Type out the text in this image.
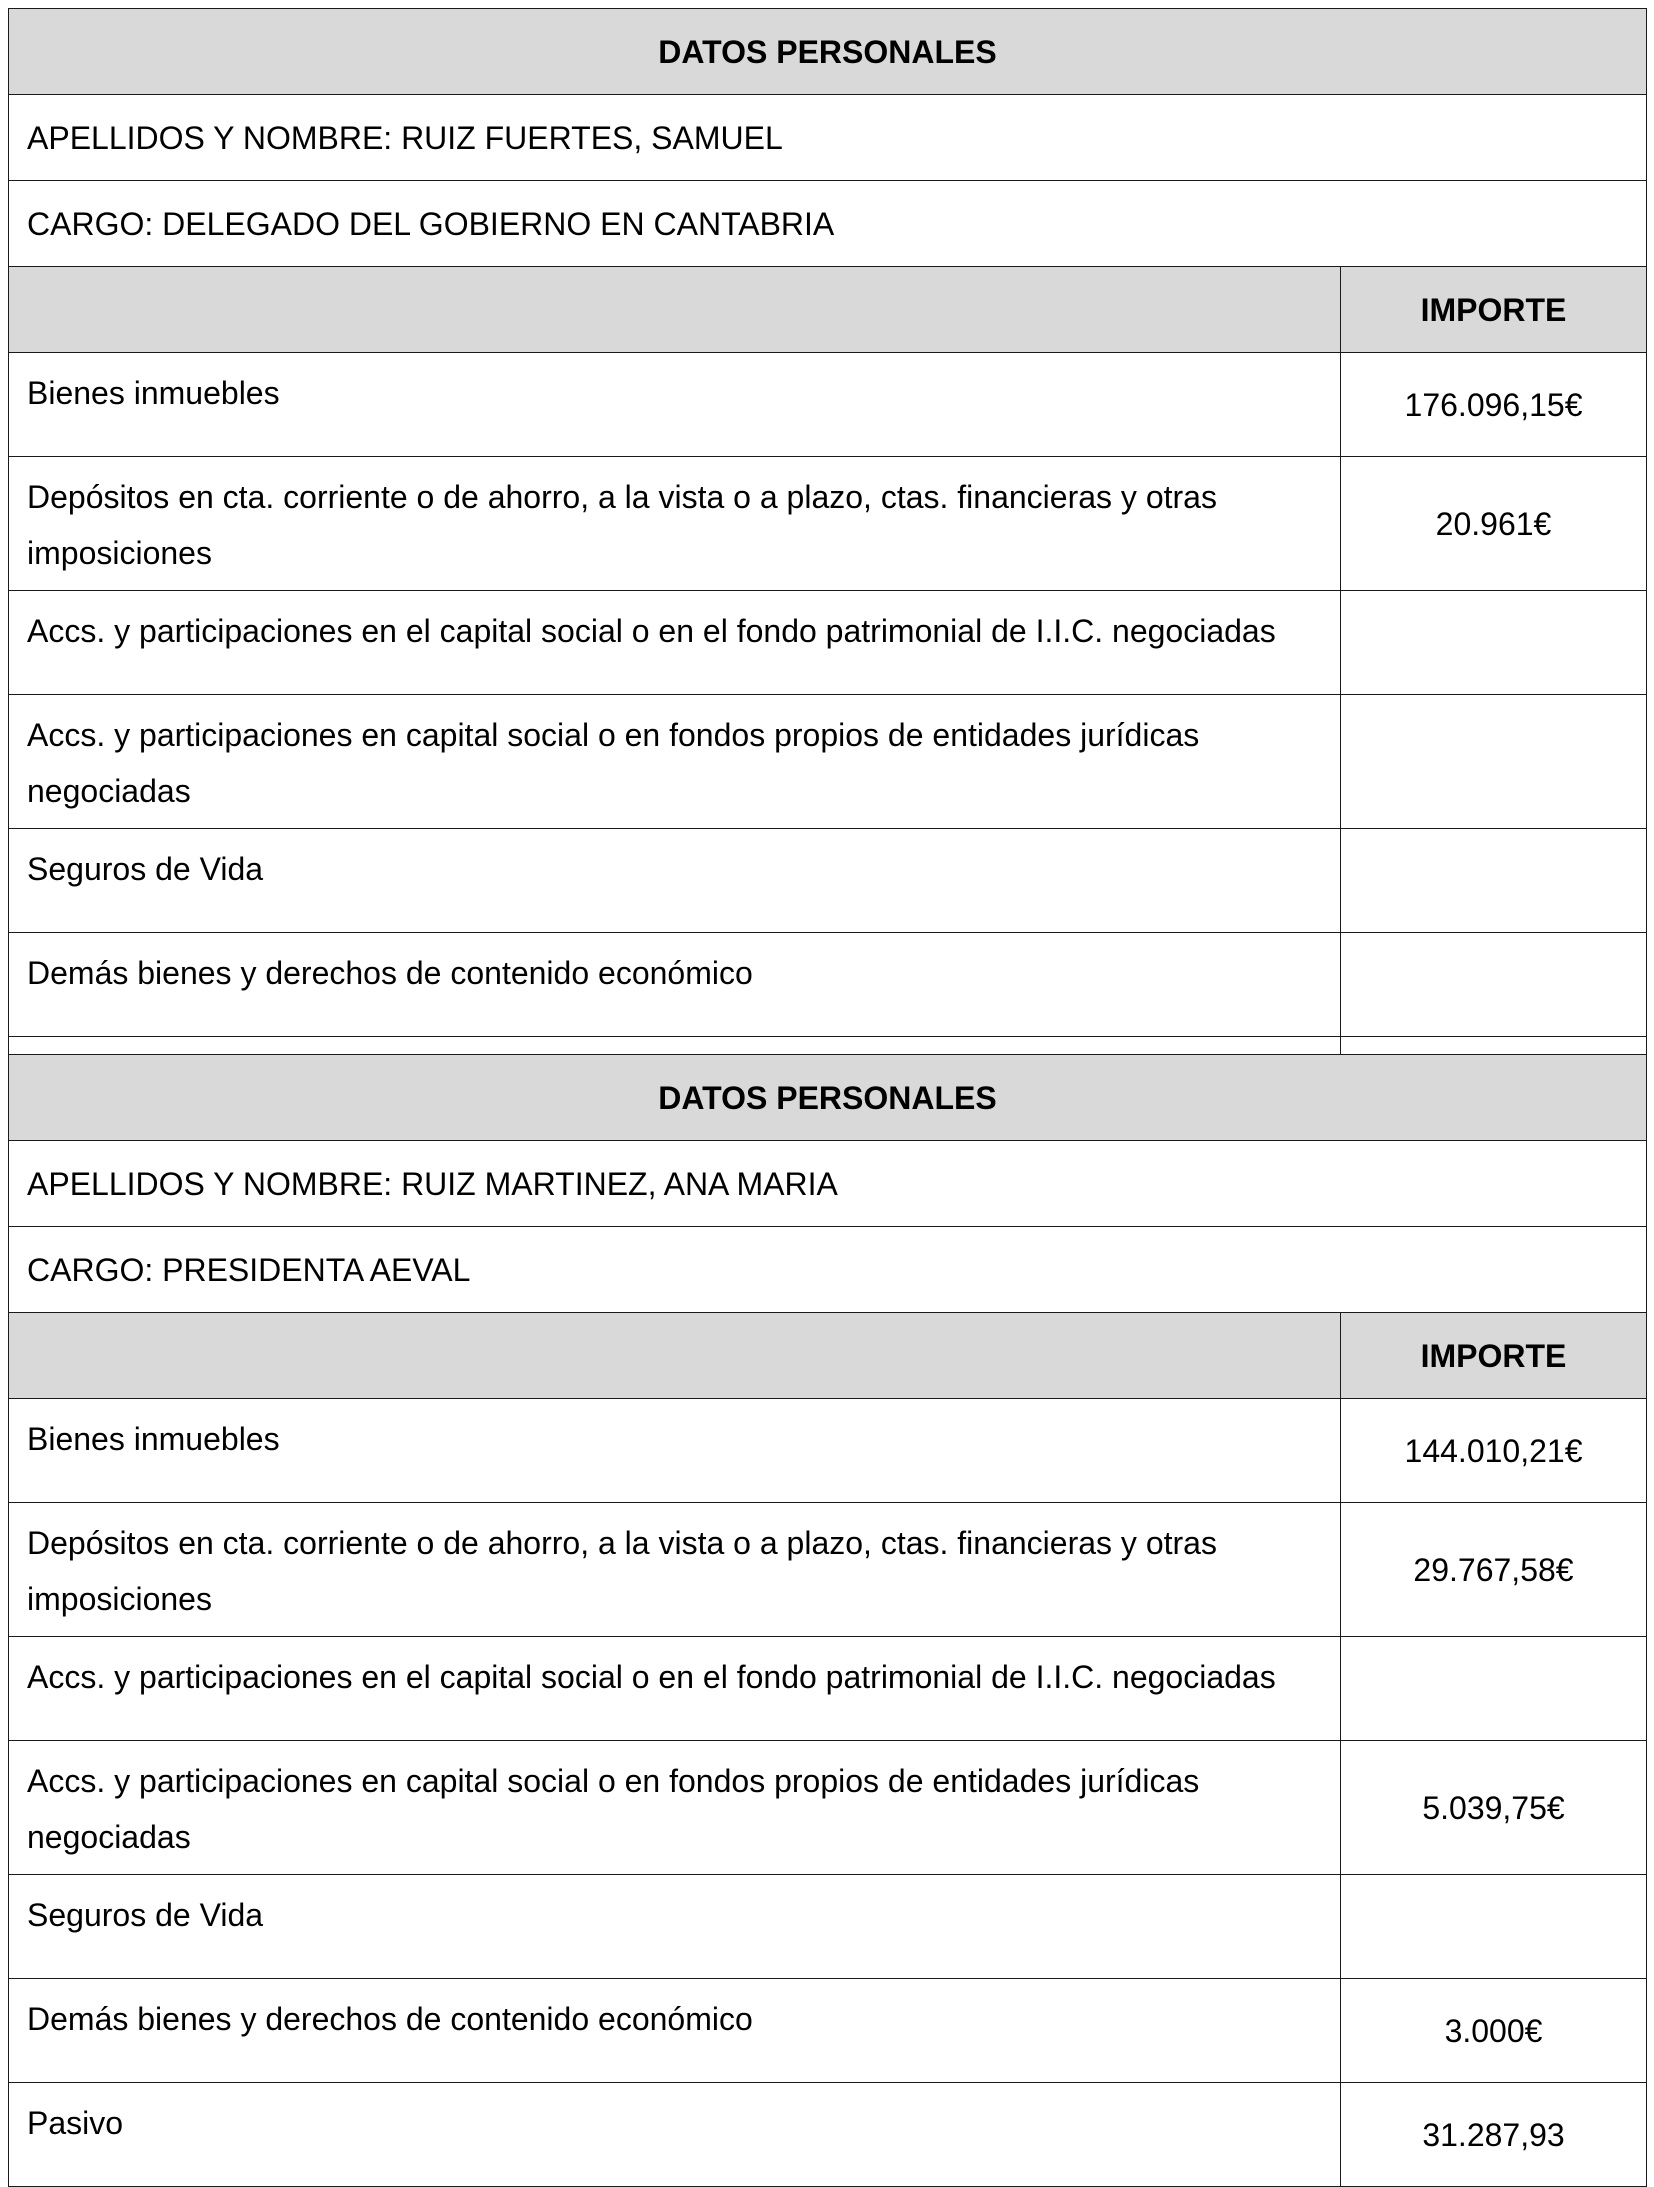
DATOS PERSONALES	
APELLIDOS Y NOMBRE: RUIZ FUERTES, SAMUEL	
CARGO: DELEGADO DEL GOBIERNO EN CANTABRIA	
	IMPORTE
Bienes inmuebles	176.096,15€
Depósitos en cta. corriente o de ahorro, a la vista o a plazo, ctas. financieras y otras imposiciones	20.961€
Accs. y participaciones en el capital social o en el fondo patrimonial de I.I.C. negociadas	
Accs. y participaciones en capital social o en fondos propios de entidades jurídicas negociadas	
Seguros de Vida	
Demás bienes y derechos de contenido económico	

DATOS PERSONALES	
APELLIDOS Y NOMBRE: RUIZ MARTINEZ, ANA MARIA	
CARGO: PRESIDENTA AEVAL	
	IMPORTE
Bienes inmuebles	144.010,21€
Depósitos en cta. corriente o de ahorro, a la vista o a plazo, ctas. financieras y otras imposiciones	29.767,58€
Accs. y participaciones en el capital social o en el fondo patrimonial de I.I.C. negociadas	
Accs. y participaciones en capital social o en fondos propios de entidades jurídicas negociadas	5.039,75€
Seguros de Vida	
Demás bienes y derechos de contenido económico	3.000€
Pasivo	31.287,93
